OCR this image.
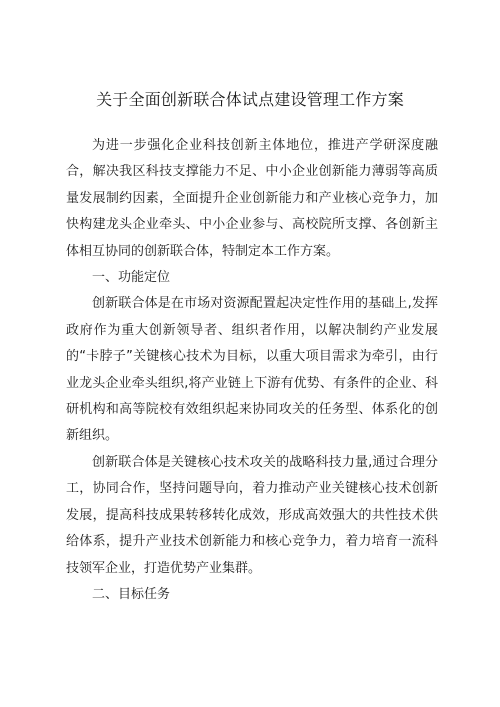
关于全面创新联合体试点建设管理工作方案

为进一步强化企业科技创新主体地位，推进产学研深度融合，解决我区科技支撑能力不足、中小企业创新能力薄弱等高质量发展制约因素，全面提升企业创新能力和产业核心竞争力，加快构建龙头企业牵头、中小企业参与、高校院所支撑、各创新主体相互协同的创新联合体，特制定本工作方案。

一、功能定位

创新联合体是在市场对资源配置起决定性作用的基础上,发挥政府作为重大创新领导者、组织者作用，以解决制约产业发展的“卡脖子”关键核心技术为目标，以重大项目需求为牵引，由行业龙头企业牵头组织,将产业链上下游有优势、有条件的企业、科研机构和高等院校有效组织起来协同攻关的任务型、体系化的创新组织。

创新联合体是关键核心技术攻关的战略科技力量,通过合理分工，协同合作，坚持问题导向，着力推动产业关键核心技术创新发展，提高科技成果转移转化成效，形成高效强大的共性技术供给体系，提升产业技术创新能力和核心竞争力，着力培育一流科技领军企业，打造优势产业集群。

二、目标任务
